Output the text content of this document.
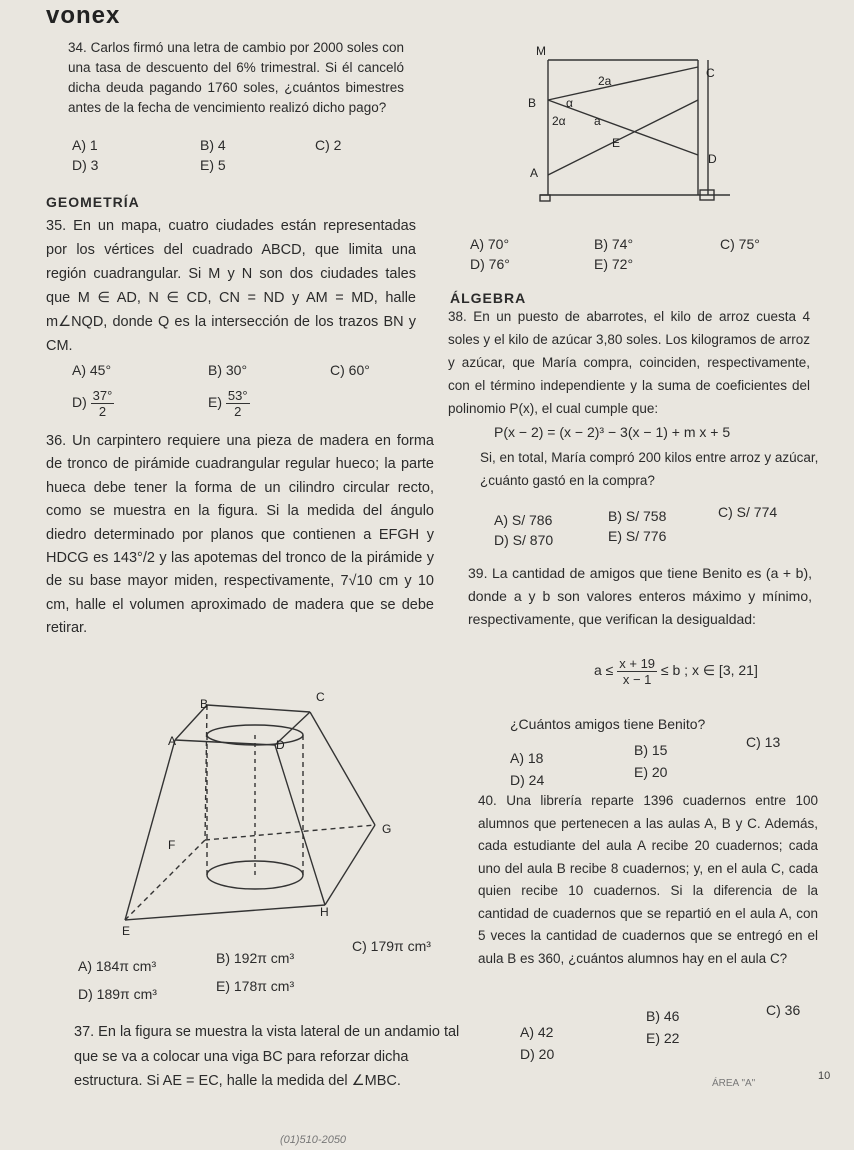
vonex
34. Carlos firmó una letra de cambio por 2000 soles con una tasa de descuento del 6% trimestral. Si él canceló dicha deuda pagando 1760 soles, ¿cuántos bimestres antes de la fecha de vencimiento realizó dicho pago?
A) 1	B) 4	C) 2
D) 3	E) 5
GEOMETRÍA
35. En un mapa, cuatro ciudades están representadas por los vértices del cuadrado ABCD, que limita una región cuadrangular. Si M y N son dos ciudades tales que M ∈ AD, N ∈ CD, CN = ND y AM = MD, halle m∠NQD, donde Q es la intersección de los trazos BN y CM.
A) 45°	B) 30°	C) 60°
$D) \frac{37^\circ}{2}$	$E) \frac{53^\circ}{2}$
36. Un carpintero requiere una pieza de madera en forma de tronco de pirámide cuadrangular regular hueco; la parte hueca debe tener la forma de un cilindro circular recto, como se muestra en la figura. Si la medida del ángulo diedro determinado por planos que contienen a EFGH y HDCG es 143°/2 y las apotemas del tronco de la pirámide y de su base mayor miden, respectivamente, 7√10 cm y 10 cm, halle el volumen aproximado de madera que se debe retirar.
B	C
A	D
F
G
H
E
A) 184π cm³	B) 192π cm³
C) 179π cm³
D) 189π cm³	E) 178π cm³
37. En la figura se muestra la vista lateral de un andamio tal que se va a colocar una viga BC para reforzar dicha estructura. Si AE = EC, halle la medida del ∠MBC.
M
2a
C
B α
2α a
E
D
A
A) 70°	B) 74°	C) 75°
D) 76°	E) 72°
ÁLGEBRA
38. En un puesto de abarrotes, el kilo de arroz cuesta 4 soles y el kilo de azúcar 3,80 soles. Los kilogramos de arroz y azúcar, que María compra, coinciden, respectivamente, con el término independiente y la suma de coeficientes del polinomio P(x), el cual cumple que:
P(x − 2) = (x − 2)³ − 3(x − 1) + m x + 5
Si, en total, María compró 200 kilos entre arroz y azúcar, ¿cuánto gastó en la compra?
A) S/ 786	B) S/ 758	C) S/ 774
D) S/ 870	E) S/ 776
39. La cantidad de amigos que tiene Benito es (a + b), donde a y b son valores enteros máximo y mínimo, respectivamente, que verifican la desigualdad:
$a \le \frac{x + 19}{x - 1} \le b$ ; x ∈ [3, 21]
¿Cuántos amigos tiene Benito?
A) 18	B) 15	C) 13
D) 24	E) 20
40. Una librería reparte 1396 cuadernos entre 100 alumnos que pertenecen a las aulas A, B y C. Además, cada estudiante del aula A recibe 20 cuadernos; cada uno del aula B recibe 8 cuadernos; y, en el aula C, cada quien recibe 10 cuadernos. Si la diferencia de la cantidad de cuadernos que se repartió en el aula A, con 5 veces la cantidad de cuadernos que se entregó en el aula B es 360, ¿cuántos alumnos hay en el aula C?
A) 42
B) 46	C) 36
D) 20
E) 22
ÁREA "A"
10
(01)510-2050
